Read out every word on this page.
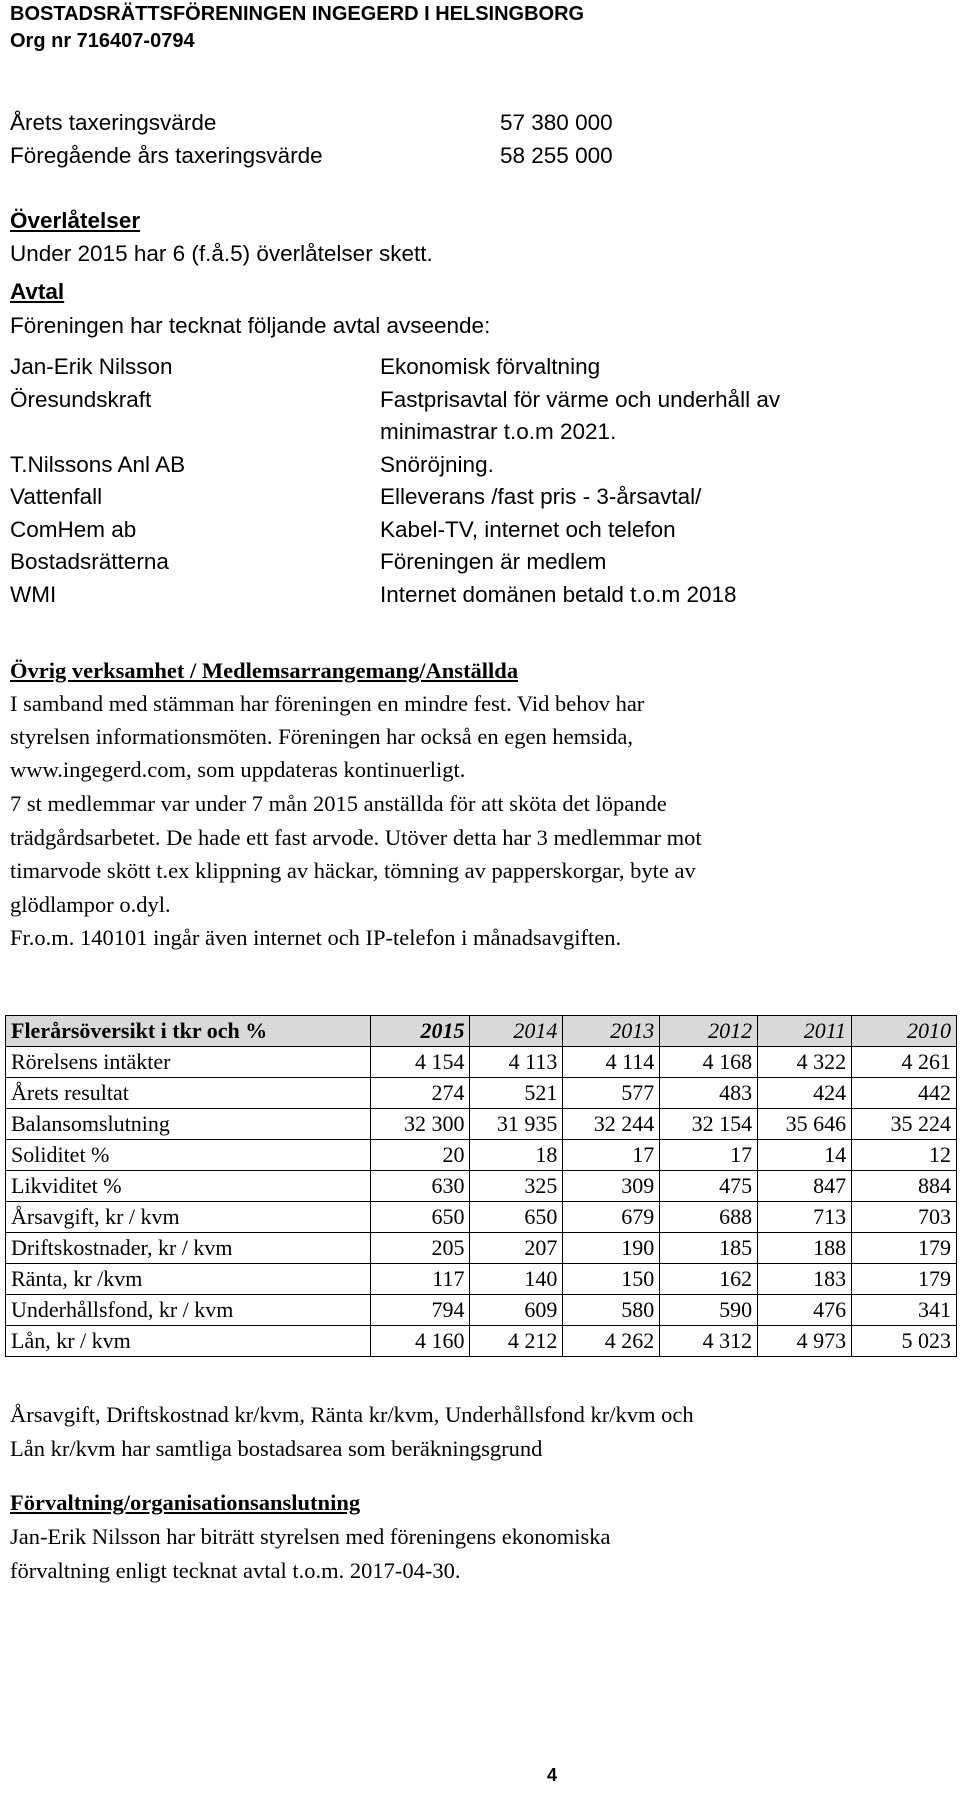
BOSTADSRÄTTSFÖRENINGEN INGEGERD I HELSINGBORG
Org nr 716407-0794
Årets taxeringsvärde	57 380 000
Föregående års taxeringsvärde	58 255 000
Överlåtelser
Under 2015 har 6 (f.å.5) överlåtelser skett.
Avtal
Föreningen har tecknat följande avtal avseende:
Jan-Erik Nilsson	Ekonomisk förvaltning
Öresundskraft	Fastprisavtal för värme och underhåll av
minimastrar t.o.m 2021.
T.Nilssons Anl AB	Snöröjning.
Vattenfall	Elleverans /fast pris - 3-årsavtal/
ComHem ab	Kabel-TV, internet och telefon
Bostadsrätterna	Föreningen är medlem
WMI	Internet domänen betald t.o.m 2018
Övrig verksamhet / Medlemsarrangemang/Anställda
I samband med stämman har föreningen en mindre fest. Vid behov har
styrelsen informationsmöten. Föreningen har också en egen hemsida,
www.ingegerd.com, som uppdateras kontinuerligt.
7 st medlemmar var under 7 mån 2015 anställda för att sköta det löpande
trädgårdsarbetet. De hade ett fast arvode. Utöver detta har 3 medlemmar mot
timarvode skött t.ex klippning av häckar, tömning av papperskorgar, byte av
glödlampor o.dyl.
Fr.o.m. 140101 ingår även internet och IP-telefon i månadsavgiften.
Flerårsöversikt i tkr och %	2015	2014	2013	2012	2011	2010
Rörelsens intäkter	4 154	4 113	4 114	4 168	4 322	4 261
Årets resultat	274	521	577	483	424	442
Balansomslutning	32 300	31 935	32 244	32 154	35 646	35 224
Soliditet %	20	18	17	17	14	12
Likviditet %	630	325	309	475	847	884
Årsavgift, kr / kvm	650	650	679	688	713	703
Driftskostnader, kr / kvm	205	207	190	185	188	179
Ränta, kr /kvm	117	140	150	162	183	179
Underhållsfond, kr / kvm	794	609	580	590	476	341
Lån, kr / kvm	4 160	4 212	4 262	4 312	4 973	5 023
Årsavgift, Driftskostnad kr/kvm, Ränta kr/kvm, Underhållsfond kr/kvm och
Lån kr/kvm har samtliga bostadsarea som beräkningsgrund
Förvaltning/organisationsanslutning
Jan-Erik Nilsson har biträtt styrelsen med föreningens ekonomiska
förvaltning enligt tecknat avtal t.o.m. 2017-04-30.
4
